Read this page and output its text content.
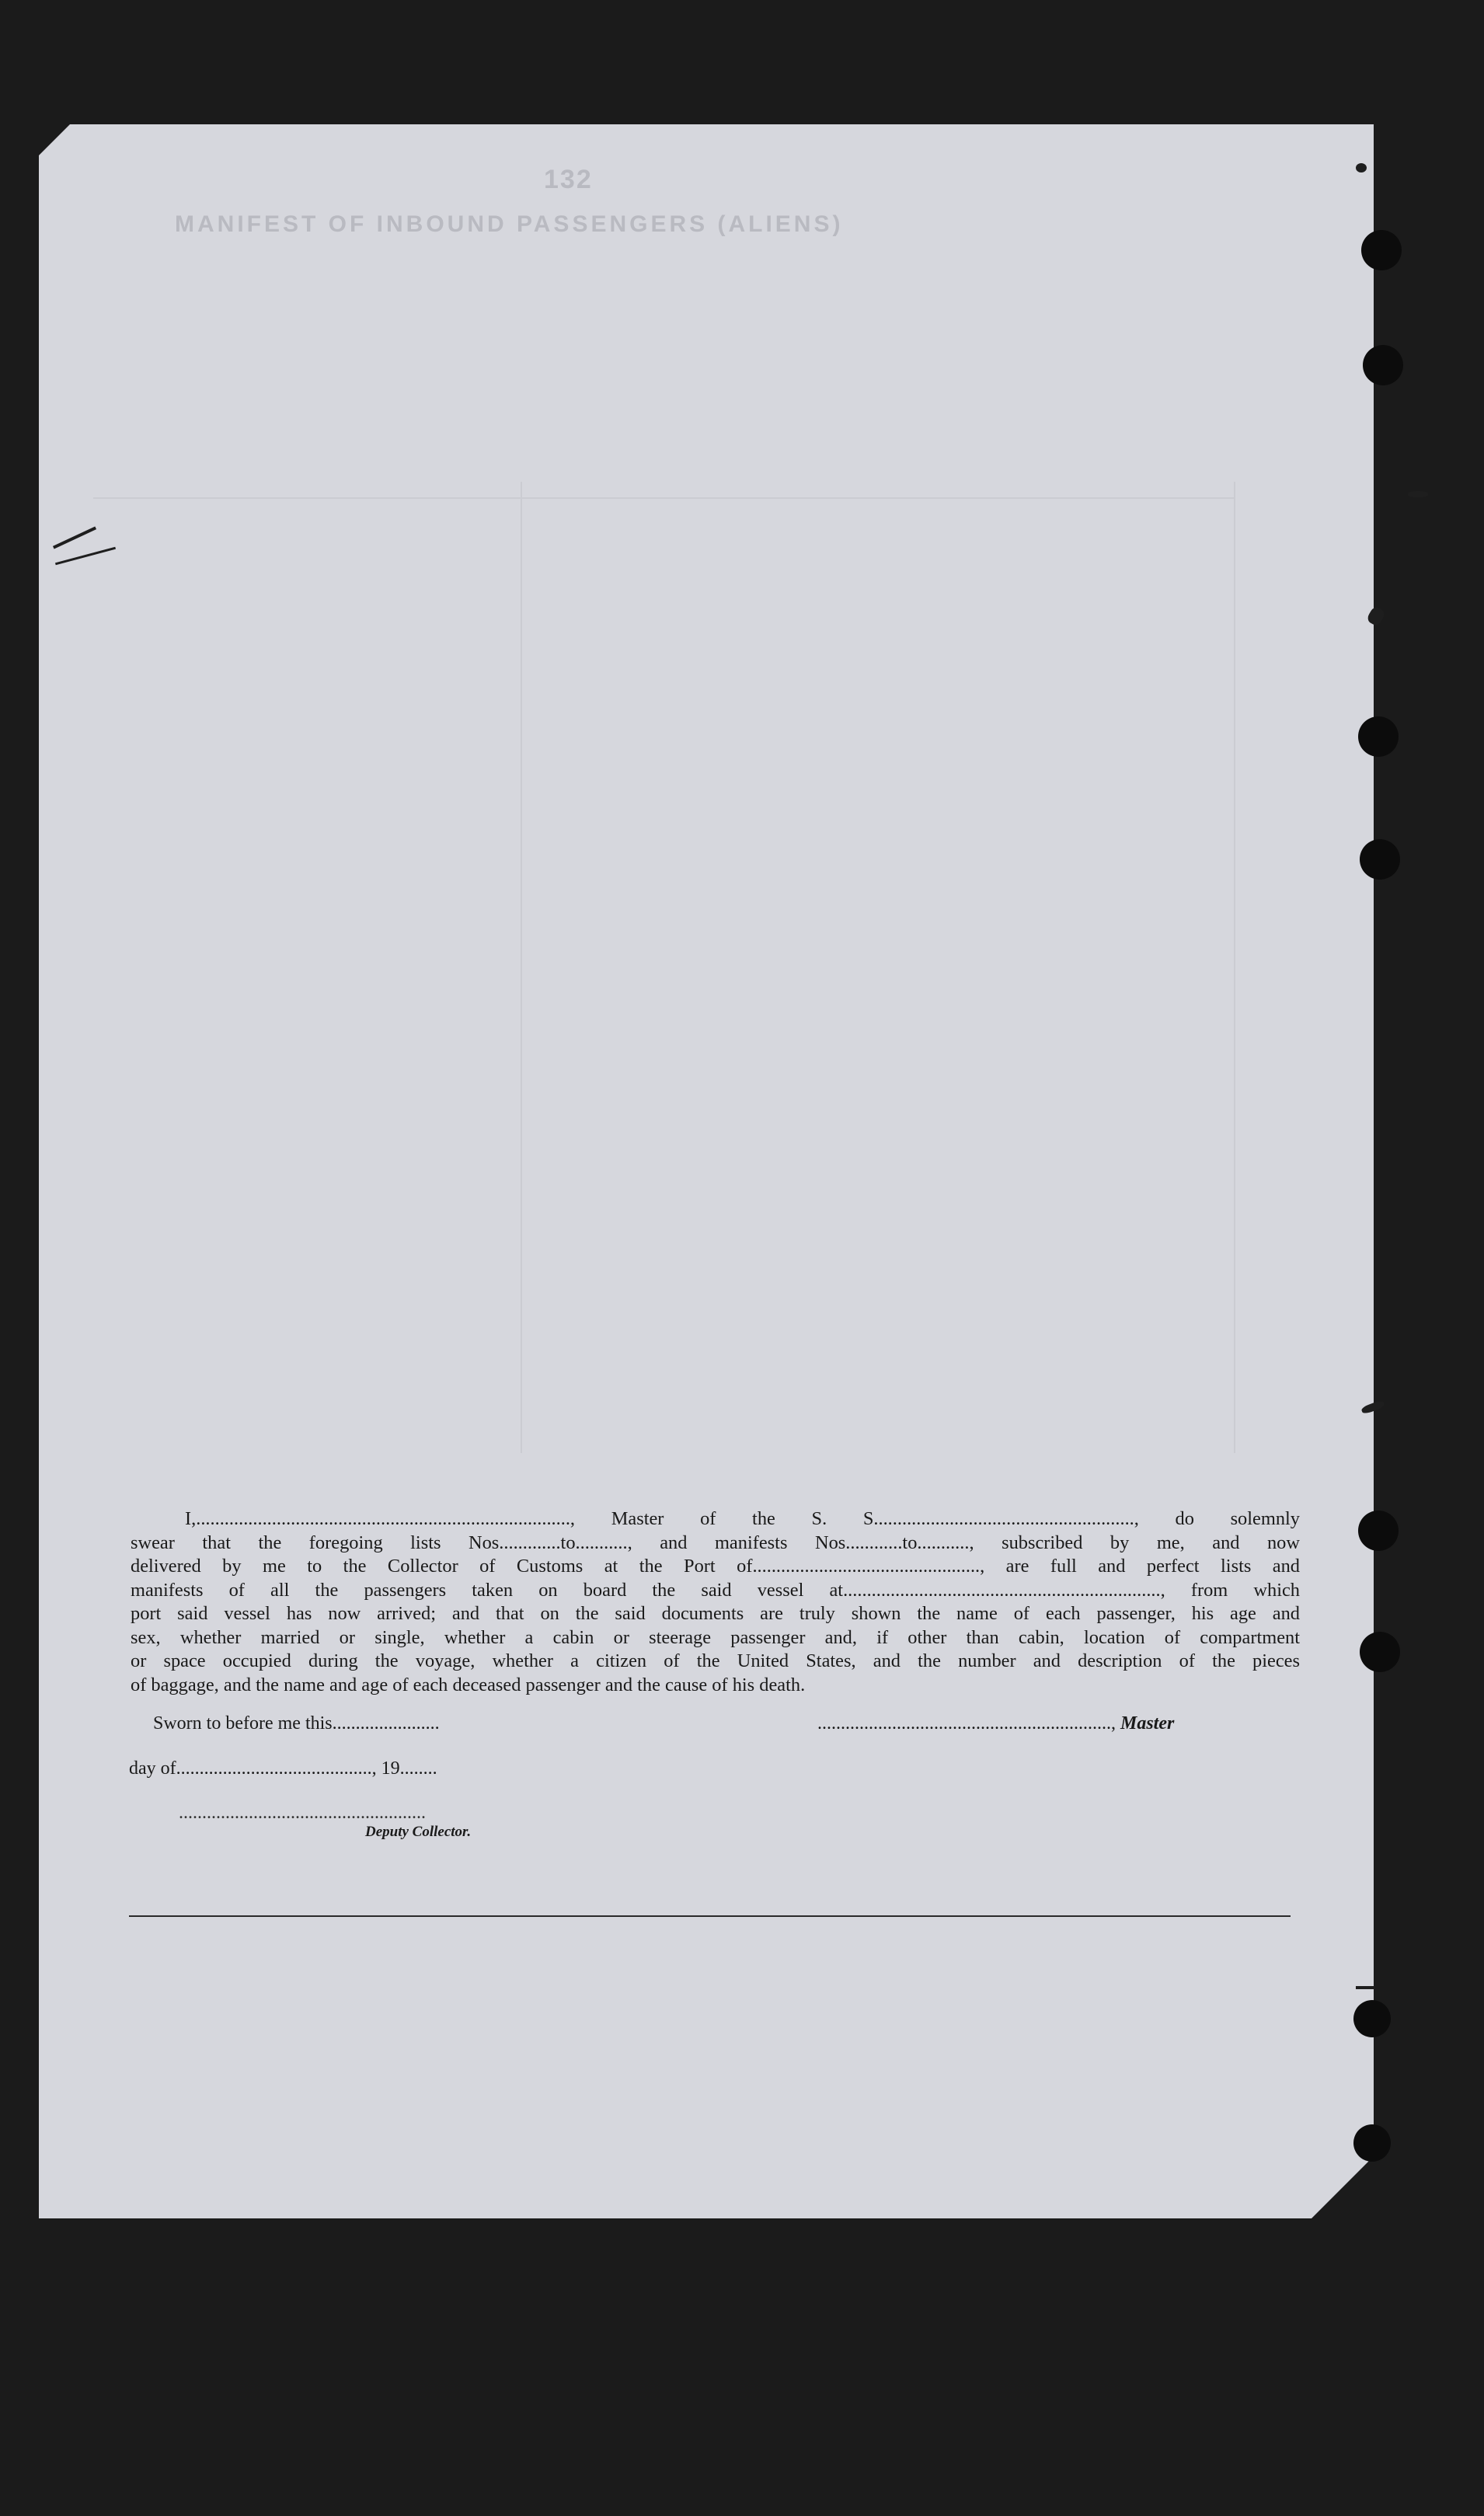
132
MANIFEST OF INBOUND PASSENGERS (ALIENS)
I,..............................................................................., Master of the S. S......................................................., do solemnly
swear that the foregoing lists Nos.............to..........., and manifests Nos............to..........., subscribed by me, and now
delivered by me to the Collector of Customs at the Port of................................................, are full and perfect lists and
manifests of all the passengers taken on board the said vessel at..................................................................., from which
port said vessel has now arrived; and that on the said documents are truly shown the name of each passenger, his age and
sex, whether married or single, whether a cabin or steerage passenger and, if other than cabin, location of compartment
or space occupied during the voyage, whether a citizen of the United States, and the number and description of the pieces
of baggage, and the name and age of each deceased passenger and the cause of his death.
Sworn to before me this.......................	..............................................................., Master
day of.........................................., 19........
.....................................................
Deputy Collector.
